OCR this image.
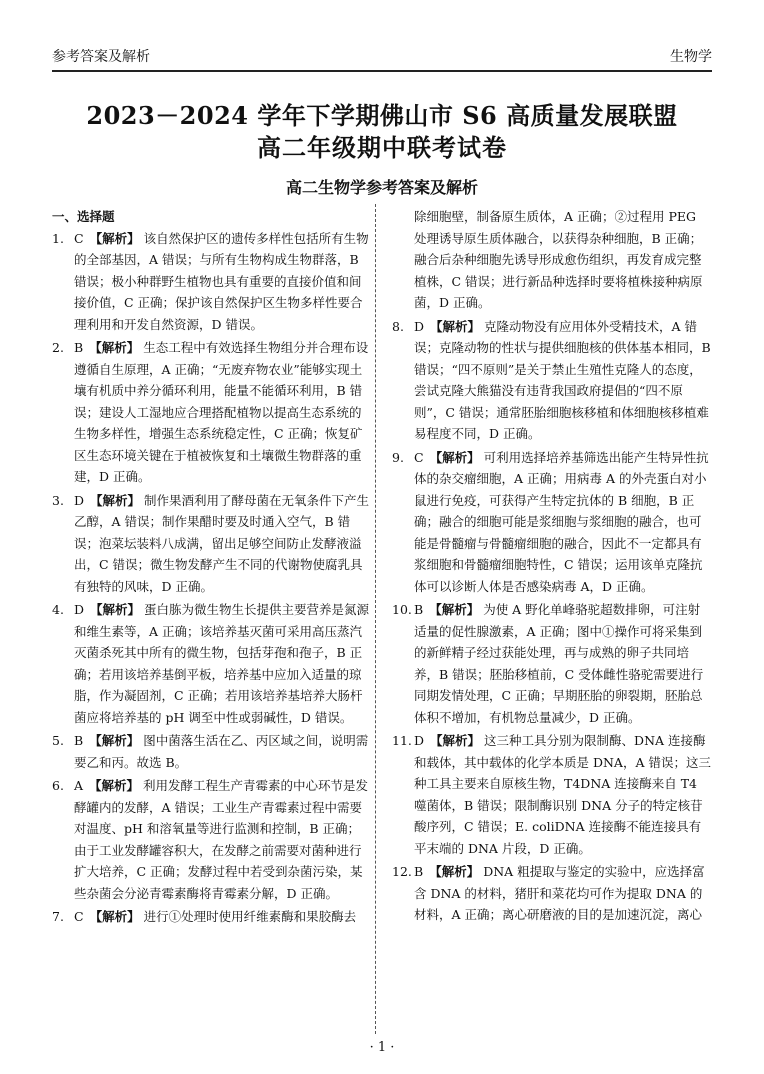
参考答案及解析	生物学
2023－2024 学年下学期佛山市 S6 高质量发展联盟
高二年级期中联考试卷
高二生物学参考答案及解析
一、选择题
1. C 【解析】 该自然保护区的遗传多样性包括所有生物的全部基因，A 错误；与所有生物构成生物群落，B 错误；极小种群野生植物也具有重要的直接价值和间接价值，C 正确；保护该自然保护区生物多样性要合理利用和开发自然资源，D 错误。
2. B 【解析】 生态工程中有效选择生物组分并合理布设遵循自生原理，A 正确；“无废弃物农业”能够实现土壤有机质中养分循环利用，能量不能循环利用，B 错误；建设人工湿地应合理搭配植物以提高生态系统的生物多样性，增强生态系统稳定性，C 正确；恢复矿区生态环境关键在于植被恢复和土壤微生物群落的重建，D 正确。
3. D 【解析】 制作果酒利用了酵母菌在无氧条件下产生乙醇，A 错误；制作果醋时要及时通入空气，B 错误；泡菜坛装料八成满，留出足够空间防止发酵液溢出，C 错误；微生物发酵产生不同的代谢物使腐乳具有独特的风味，D 正确。
4. D 【解析】 蛋白胨为微生物生长提供主要营养是氮源和维生素等，A 正确；该培养基灭菌可采用高压蒸汽灭菌杀死其中所有的微生物，包括芽孢和孢子，B 正确；若用该培养基倒平板，培养基中应加入适量的琼脂，作为凝固剂，C 正确；若用该培养基培养大肠杆菌应将培养基的 pH 调至中性或弱碱性，D 错误。
5. B 【解析】 图中菌落生活在乙、丙区域之间，说明需要乙和丙。故选 B。
6. A 【解析】 利用发酵工程生产青霉素的中心环节是发酵罐内的发酵，A 错误；工业生产青霉素过程中需要对温度、pH 和溶氧量等进行监测和控制，B 正确；由于工业发酵罐容积大，在发酵之前需要对菌种进行扩大培养，C 正确；发酵过程中若受到杂菌污染，某些杂菌会分泌青霉素酶将青霉素分解，D 正确。
7. C 【解析】 进行①处理时使用纤维素酶和果胶酶去
除细胞壁，制备原生质体，A 正确；②过程用 PEG 处理诱导原生质体融合，以获得杂种细胞，B 正确；融合后杂种细胞先诱导形成愈伤组织，再发育成完整植株，C 错误；进行新品种选择时要将植株接种病原菌，D 正确。
8. D 【解析】 克隆动物没有应用体外受精技术，A 错误；克隆动物的性状与提供细胞核的供体基本相同，B 错误；“四不原则”是关于禁止生殖性克隆人的态度，尝试克隆大熊猫没有违背我国政府提倡的“四不原则”，C 错误；通常胚胎细胞核移植和体细胞核移植难易程度不同，D 正确。
9. C 【解析】 可利用选择培养基筛选出能产生特异性抗体的杂交瘤细胞，A 正确；用病毒 A 的外壳蛋白对小鼠进行免疫，可获得产生特定抗体的 B 细胞，B 正确；融合的细胞可能是浆细胞与浆细胞的融合，也可能是骨髓瘤与骨髓瘤细胞的融合，因此不一定都具有浆细胞和骨髓瘤细胞特性，C 错误；运用该单克隆抗体可以诊断人体是否感染病毒 A，D 正确。
10. B 【解析】 为使 A 野化单峰骆驼超数排卵，可注射适量的促性腺激素，A 正确；图中①操作可将采集到的新鲜精子经过获能处理，再与成熟的卵子共同培养，B 错误；胚胎移植前，C 受体雌性骆驼需要进行同期发情处理，C 正确；早期胚胎的卵裂期，胚胎总体积不增加，有机物总量减少，D 正确。
11. D 【解析】 这三种工具分别为限制酶、DNA 连接酶和载体，其中载体的化学本质是 DNA，A 错误；这三种工具主要来自原核生物，T4DNA 连接酶来自 T4 噬菌体，B 错误；限制酶识别 DNA 分子的特定核苷酸序列，C 错误；E. coliDNA 连接酶不能连接具有平末端的 DNA 片段，D 正确。
12. B 【解析】 DNA 粗提取与鉴定的实验中，应选择富含 DNA 的材料，猪肝和菜花均可作为提取 DNA 的材料，A 正确；离心研磨液的目的是加速沉淀，离心
· 1 ·
